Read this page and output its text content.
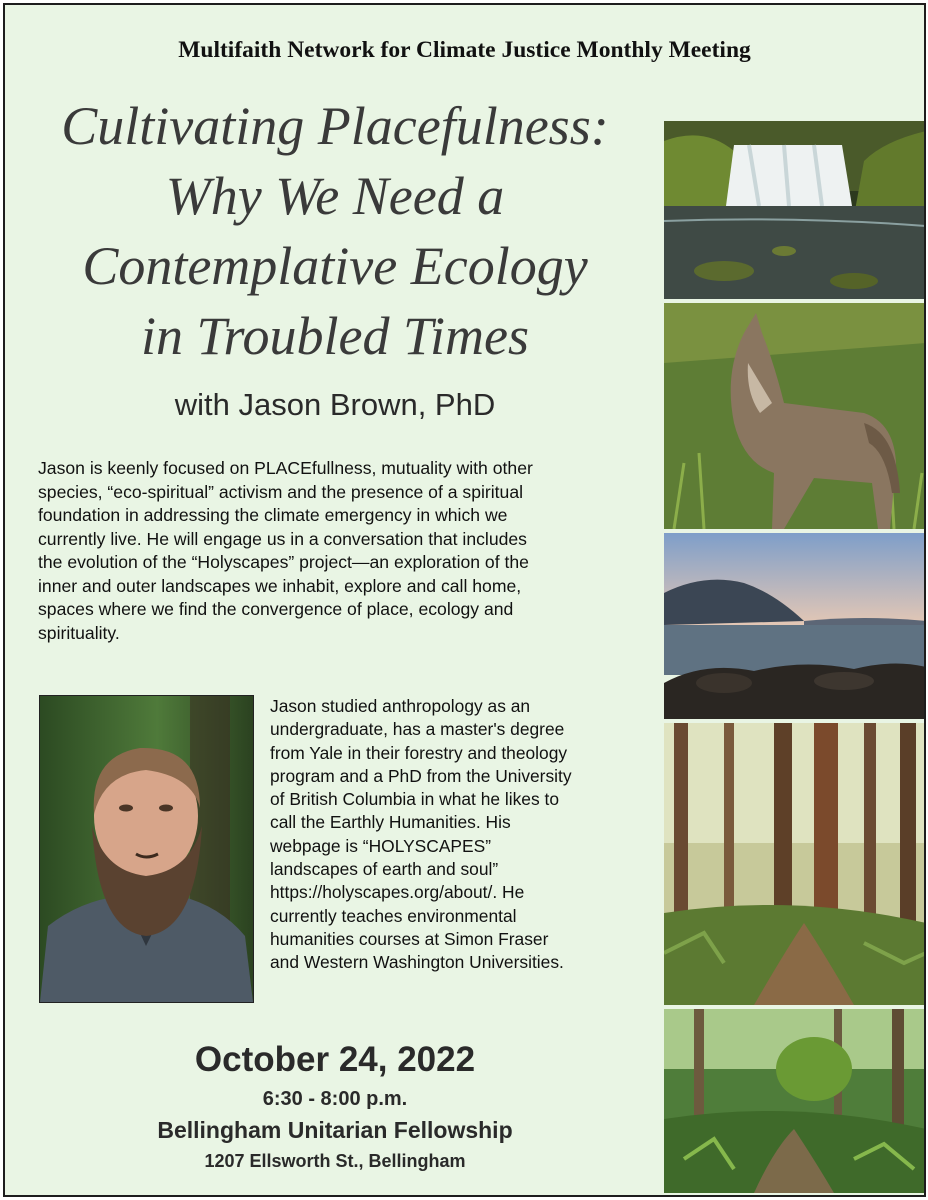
Multifaith Network for Climate Justice Monthly Meeting
Cultivating Placefulness:
Why We Need a
Contemplative Ecology
in Troubled Times
with Jason Brown, PhD
Jason is keenly focused on PLACEfullness, mutuality with other
species, “eco-spiritual” activism and the presence of a spiritual
foundation in addressing the climate emergency in which we
currently live. He will engage us in a conversation that includes
the evolution of the “Holyscapes” project—an exploration of the
inner and outer landscapes we inhabit, explore and call home,
spaces where we find the convergence of place, ecology and
spirituality.
Jason studied anthropology as an
undergraduate, has a master's degree
from Yale in their forestry and theology
program and a PhD from the University
of British Columbia in what he likes to
call the Earthly Humanities. His
webpage is “HOLYSCAPES”
landscapes of earth and soul”
https://holyscapes.org/about/. He
currently teaches environmental
humanities courses at Simon Fraser
and Western Washington Universities.
October 24, 2022
6:30 - 8:00 p.m.
Bellingham Unitarian Fellowship
1207 Ellsworth St., Bellingham
